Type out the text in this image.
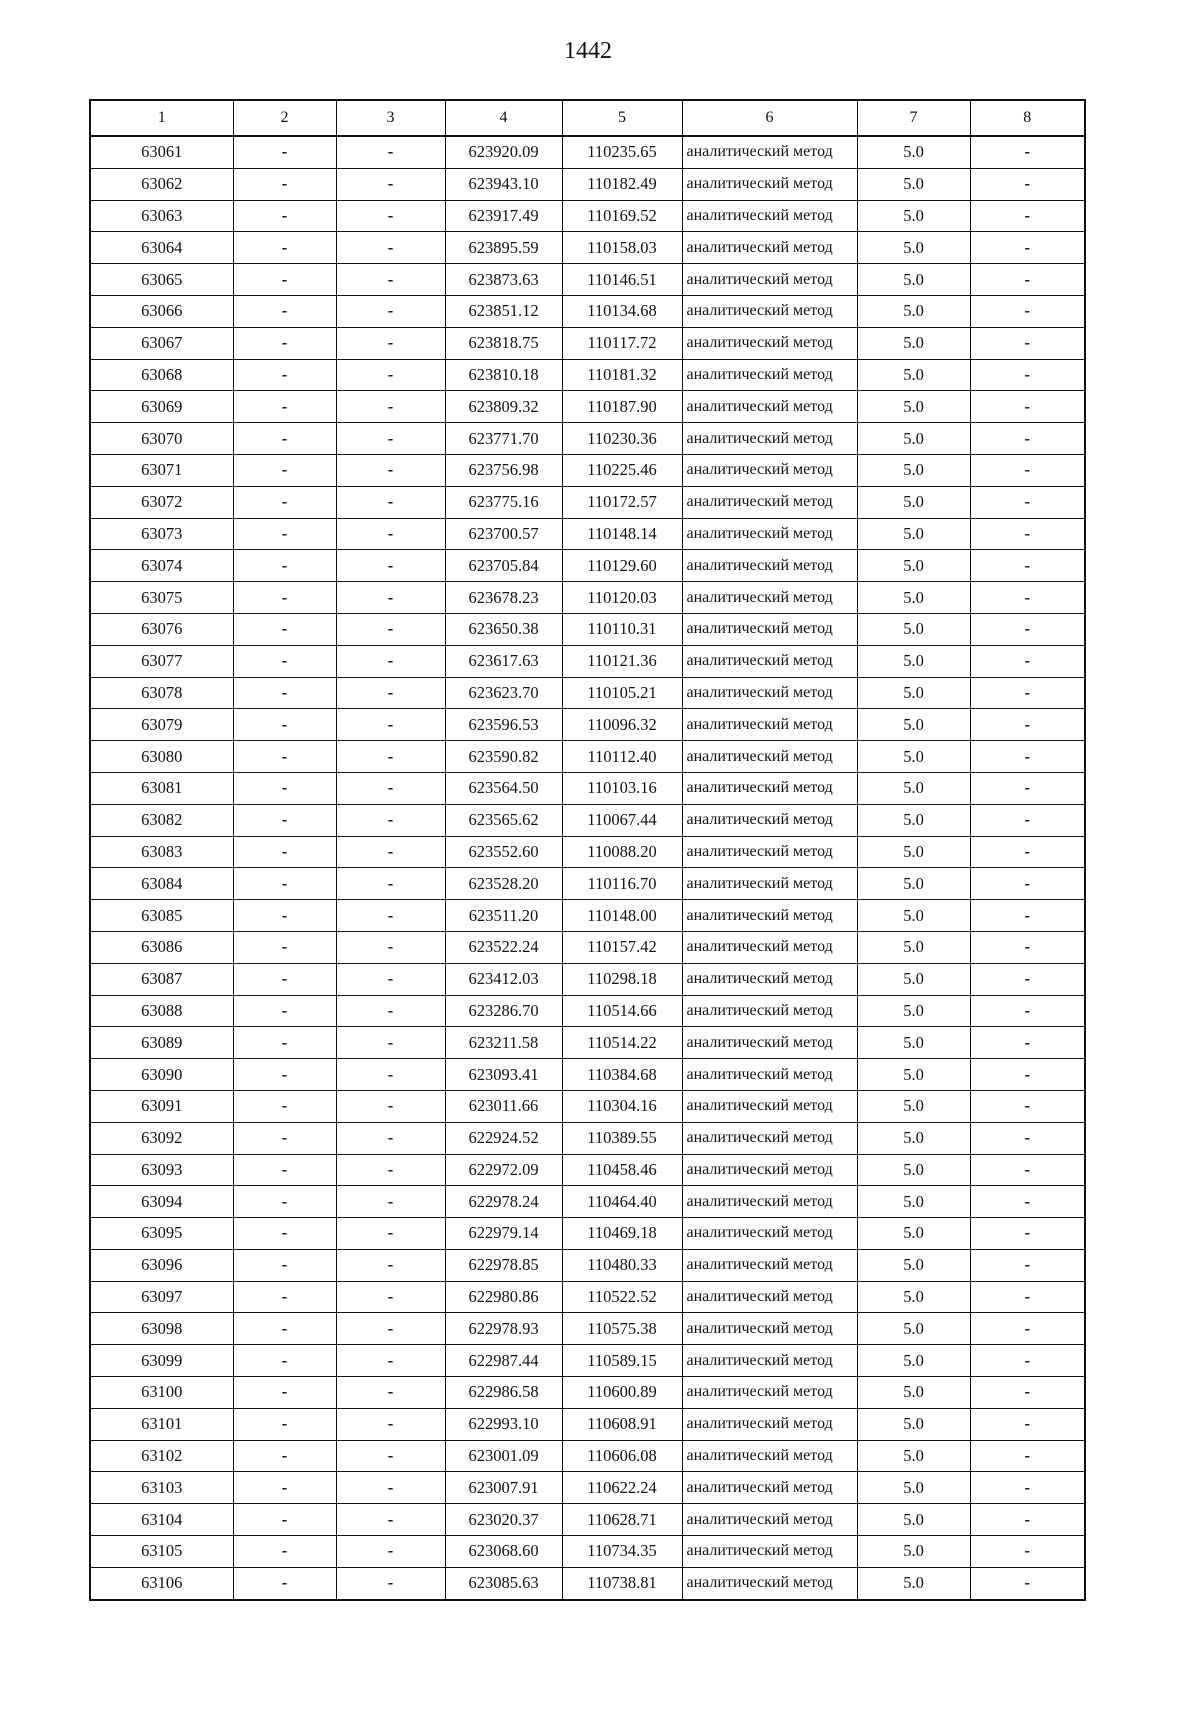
1442
1	2	3	4	5	6	7	8
63061	-	-	623920.09	110235.65	аналитический метод	5.0	-
63062	-	-	623943.10	110182.49	аналитический метод	5.0	-
63063	-	-	623917.49	110169.52	аналитический метод	5.0	-
63064	-	-	623895.59	110158.03	аналитический метод	5.0	-
63065	-	-	623873.63	110146.51	аналитический метод	5.0	-
63066	-	-	623851.12	110134.68	аналитический метод	5.0	-
63067	-	-	623818.75	110117.72	аналитический метод	5.0	-
63068	-	-	623810.18	110181.32	аналитический метод	5.0	-
63069	-	-	623809.32	110187.90	аналитический метод	5.0	-
63070	-	-	623771.70	110230.36	аналитический метод	5.0	-
63071	-	-	623756.98	110225.46	аналитический метод	5.0	-
63072	-	-	623775.16	110172.57	аналитический метод	5.0	-
63073	-	-	623700.57	110148.14	аналитический метод	5.0	-
63074	-	-	623705.84	110129.60	аналитический метод	5.0	-
63075	-	-	623678.23	110120.03	аналитический метод	5.0	-
63076	-	-	623650.38	110110.31	аналитический метод	5.0	-
63077	-	-	623617.63	110121.36	аналитический метод	5.0	-
63078	-	-	623623.70	110105.21	аналитический метод	5.0	-
63079	-	-	623596.53	110096.32	аналитический метод	5.0	-
63080	-	-	623590.82	110112.40	аналитический метод	5.0	-
63081	-	-	623564.50	110103.16	аналитический метод	5.0	-
63082	-	-	623565.62	110067.44	аналитический метод	5.0	-
63083	-	-	623552.60	110088.20	аналитический метод	5.0	-
63084	-	-	623528.20	110116.70	аналитический метод	5.0	-
63085	-	-	623511.20	110148.00	аналитический метод	5.0	-
63086	-	-	623522.24	110157.42	аналитический метод	5.0	-
63087	-	-	623412.03	110298.18	аналитический метод	5.0	-
63088	-	-	623286.70	110514.66	аналитический метод	5.0	-
63089	-	-	623211.58	110514.22	аналитический метод	5.0	-
63090	-	-	623093.41	110384.68	аналитический метод	5.0	-
63091	-	-	623011.66	110304.16	аналитический метод	5.0	-
63092	-	-	622924.52	110389.55	аналитический метод	5.0	-
63093	-	-	622972.09	110458.46	аналитический метод	5.0	-
63094	-	-	622978.24	110464.40	аналитический метод	5.0	-
63095	-	-	622979.14	110469.18	аналитический метод	5.0	-
63096	-	-	622978.85	110480.33	аналитический метод	5.0	-
63097	-	-	622980.86	110522.52	аналитический метод	5.0	-
63098	-	-	622978.93	110575.38	аналитический метод	5.0	-
63099	-	-	622987.44	110589.15	аналитический метод	5.0	-
63100	-	-	622986.58	110600.89	аналитический метод	5.0	-
63101	-	-	622993.10	110608.91	аналитический метод	5.0	-
63102	-	-	623001.09	110606.08	аналитический метод	5.0	-
63103	-	-	623007.91	110622.24	аналитический метод	5.0	-
63104	-	-	623020.37	110628.71	аналитический метод	5.0	-
63105	-	-	623068.60	110734.35	аналитический метод	5.0	-
63106	-	-	623085.63	110738.81	аналитический метод	5.0	-
